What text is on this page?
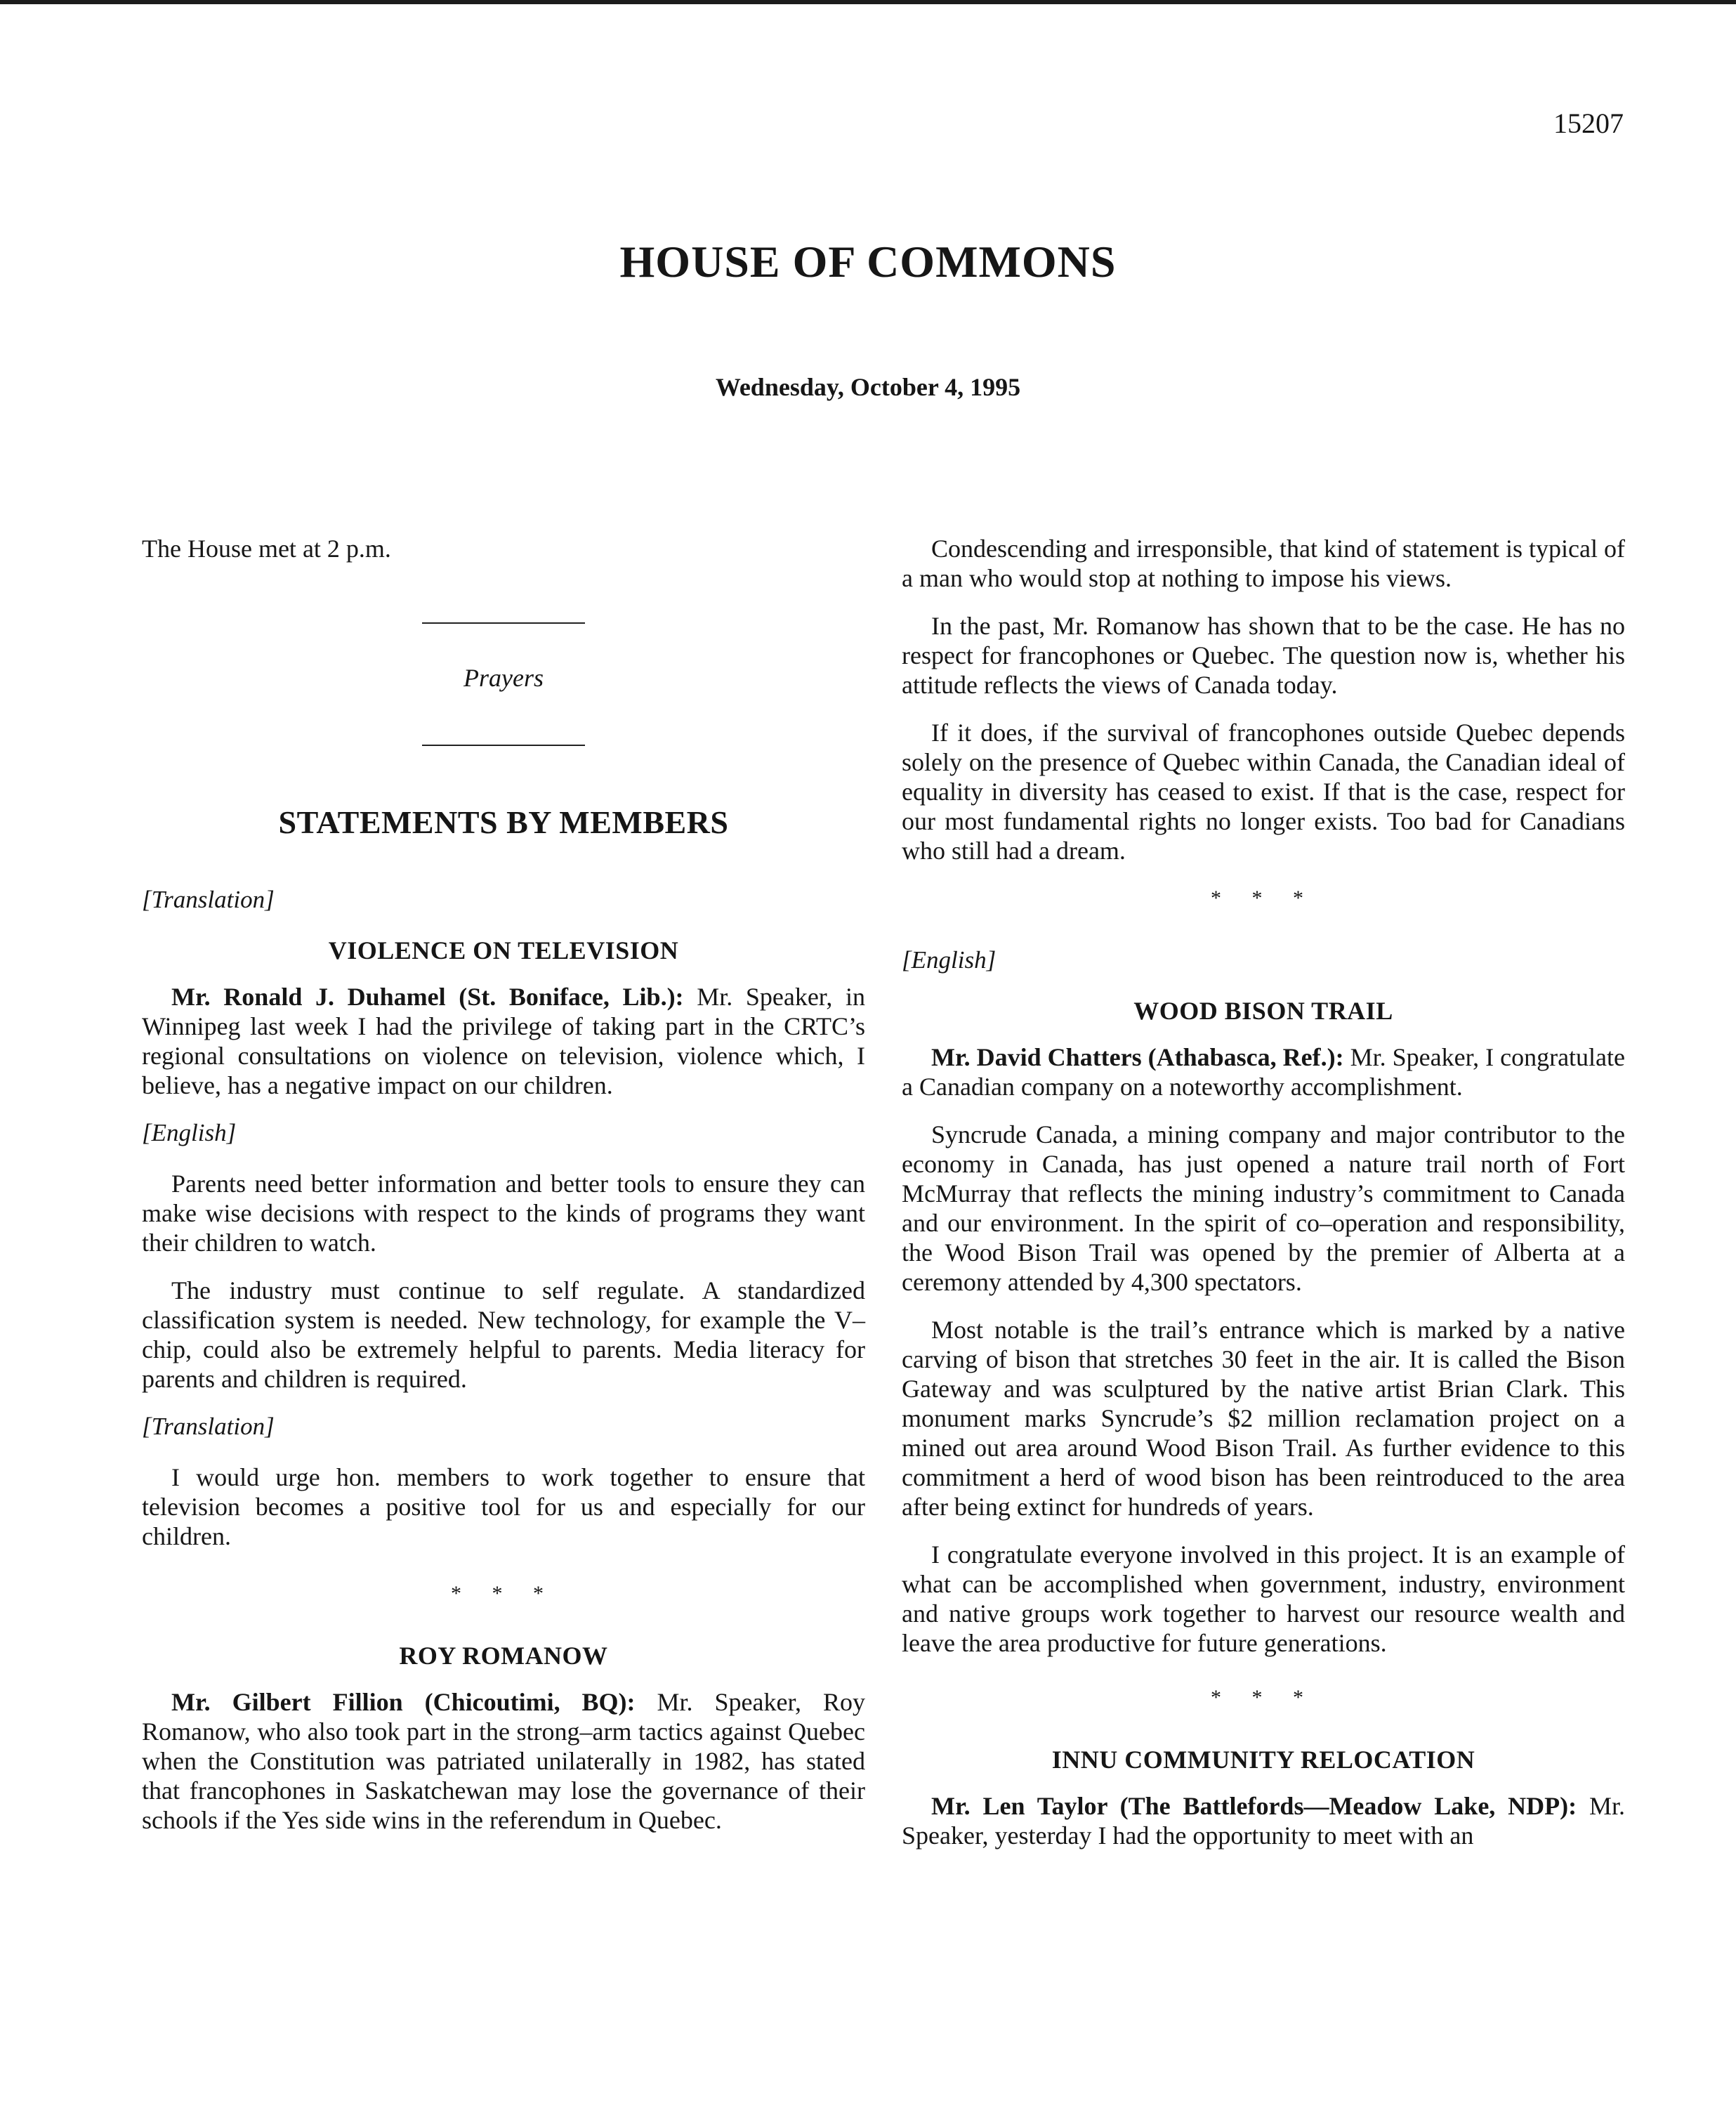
15207
HOUSE OF COMMONS
Wednesday, October 4, 1995

The House met at 2 p.m.

Prayers
STATEMENTS BY MEMBERS
[Translation]
VIOLENCE ON TELEVISION

Mr. Ronald J. Duhamel (St. Boniface, Lib.): Mr. Speaker, in Winnipeg last week I had the privilege of taking part in the CRTC’s regional consultations on violence on television, violence which, I believe, has a negative impact on our children.

[English]

Parents need better information and better tools to ensure they can make wise decisions with respect to the kinds of programs they want their children to watch.

The industry must continue to self regulate. A standardized classification system is needed. New technology, for example the V–chip, could also be extremely helpful to parents. Media literacy for parents and children is required.

[Translation]

I would urge hon. members to work together to ensure that television becomes a positive tool for us and especially for our children.

* * *
ROY ROMANOW

Mr. Gilbert Fillion (Chicoutimi, BQ): Mr. Speaker, Roy Romanow, who also took part in the strong–arm tactics against Quebec when the Constitution was patriated unilaterally in 1982, has stated that francophones in Saskatchewan may lose the governance of their schools if the Yes side wins in the referendum in Quebec.

Condescending and irresponsible, that kind of statement is typical of a man who would stop at nothing to impose his views.

In the past, Mr. Romanow has shown that to be the case. He has no respect for francophones or Quebec. The question now is, whether his attitude reflects the views of Canada today.

If it does, if the survival of francophones outside Quebec depends solely on the presence of Quebec within Canada, the Canadian ideal of equality in diversity has ceased to exist. If that is the case, respect for our most fundamental rights no longer exists. Too bad for Canadians who still had a dream.

* * *
[English]
WOOD BISON TRAIL

Mr. David Chatters (Athabasca, Ref.): Mr. Speaker, I congratulate a Canadian company on a noteworthy accomplishment.

Syncrude Canada, a mining company and major contributor to the economy in Canada, has just opened a nature trail north of Fort McMurray that reflects the mining industry’s commitment to Canada and our environment. In the spirit of co–operation and responsibility, the Wood Bison Trail was opened by the premier of Alberta at a ceremony attended by 4,300 spectators.

Most notable is the trail’s entrance which is marked by a native carving of bison that stretches 30 feet in the air. It is called the Bison Gateway and was sculptured by the native artist Brian Clark. This monument marks Syncrude’s $2 million reclamation project on a mined out area around Wood Bison Trail. As further evidence to this commitment a herd of wood bison has been reintroduced to the area after being extinct for hundreds of years.

I congratulate everyone involved in this project. It is an example of what can be accomplished when government, industry, environment and native groups work together to harvest our resource wealth and leave the area productive for future generations.

* * *
INNU COMMUNITY RELOCATION

Mr. Len Taylor (The Battlefords—Meadow Lake, NDP): Mr. Speaker, yesterday I had the opportunity to meet with an
